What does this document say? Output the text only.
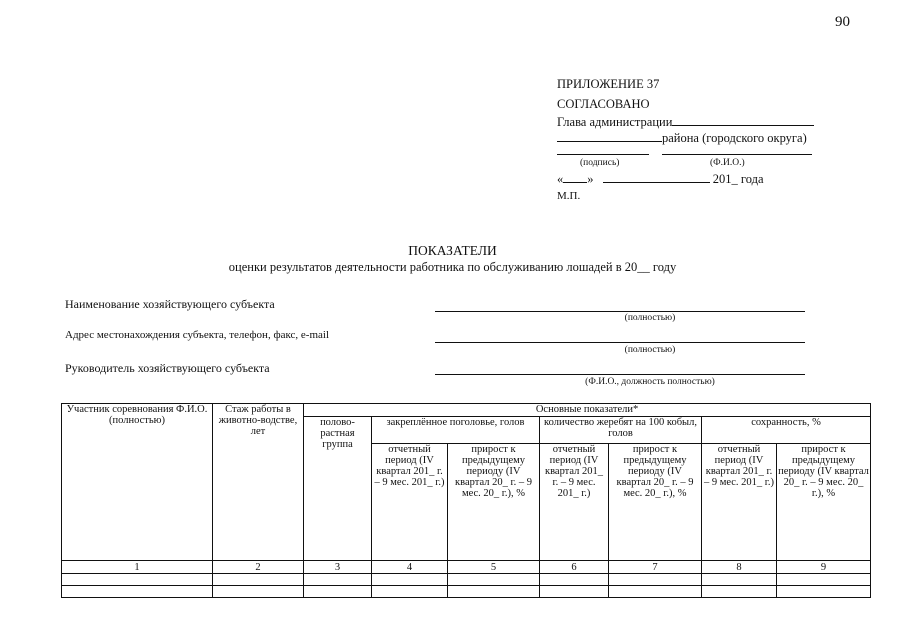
90
ПРИЛОЖЕНИЕ 37
СОГЛАСОВАНО
Глава администрации
района (городского округа)
(подпись)	(Ф.И.О.)
« »	201_ года
М.П.
ПОКАЗАТЕЛИ
оценки результатов деятельности работника по обслуживанию лошадей в 20__ году
Наименование хозяйствующего субъекта
(полностью)
Адрес местонахождения субъекта, телефон, факс, e-mail
(полностью)
Руководитель хозяйствующего субъекта
(Ф.И.О., должность полностью)
Участник соревнования Ф.И.О. (полностью)	Стаж работы в животно-водстве, лет	Основные показатели*						
		полово-растная группа	закреплённое поголовье, голов		количество жеребят на 100 кобыл, голов		сохранность, %	
			отчетный период (IV квартал 201_ г. – 9 мес. 201_ г.)	прирост к предыдущему периоду (IV квартал 20_ г. – 9 мес. 20_ г.), %	отчетный период (IV квартал 201_ г. – 9 мес. 201_ г.)	прирост к предыдущему периоду (IV квартал 20_ г. – 9 мес. 20_ г.), %	отчетный период (IV квартал 201_ г. – 9 мес. 201_ г.)	прирост к предыдущему периоду (IV квартал 20_ г. – 9 мес. 20_ г.), %
1	2	3	4	5	6	7	8	9
